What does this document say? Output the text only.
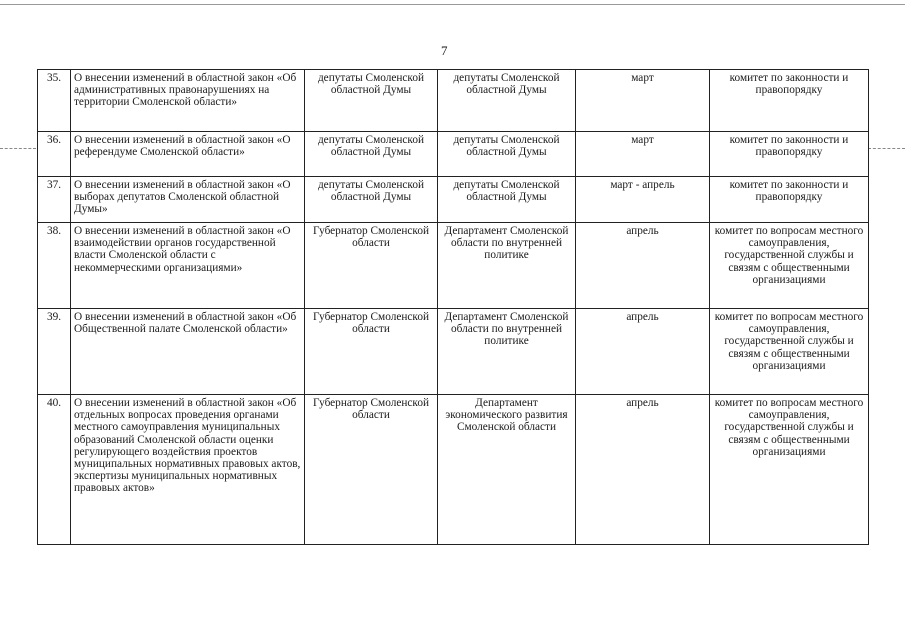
7
35.	О внесении изменений в областной закон «Об административных правонарушениях на территории Смоленской области»	депутаты Смоленской областной Думы	депутаты Смоленской областной Думы	март	комитет по законности и правопорядку
36.	О внесении изменений в областной закон «О референдуме Смоленской области»	депутаты Смоленской областной Думы	депутаты Смоленской областной Думы	март	комитет по законности и правопорядку
37.	О внесении изменений в областной закон «О выборах депутатов Смоленской областной Думы»	депутаты Смоленской областной Думы	депутаты Смоленской областной Думы	март - апрель	комитет по законности и правопорядку
38.	О внесении изменений в областной закон «О взаимодействии органов государственной власти Смоленской области с некоммерческими организациями»	Губернатор Смоленской области	Департамент Смоленской области по внутренней политике	апрель	комитет по вопросам местного самоуправления, государственной службы и связям с общественными организациями
39.	О внесении изменений в областной закон «Об Общественной палате Смоленской области»	Губернатор Смоленской области	Департамент Смоленской области по внутренней политике	апрель	комитет по вопросам местного самоуправления, государственной службы и связям с общественными организациями
40.	О внесении изменений в областной закон «Об отдельных вопросах проведения органами местного самоуправления муниципальных образований Смоленской области оценки регулирующего воздействия проектов муниципальных нормативных правовых актов, экспертизы муниципальных нормативных правовых актов»	Губернатор Смоленской области	Департамент экономического развития Смоленской области	апрель	комитет по вопросам местного самоуправления, государственной службы и связям с общественными организациями
